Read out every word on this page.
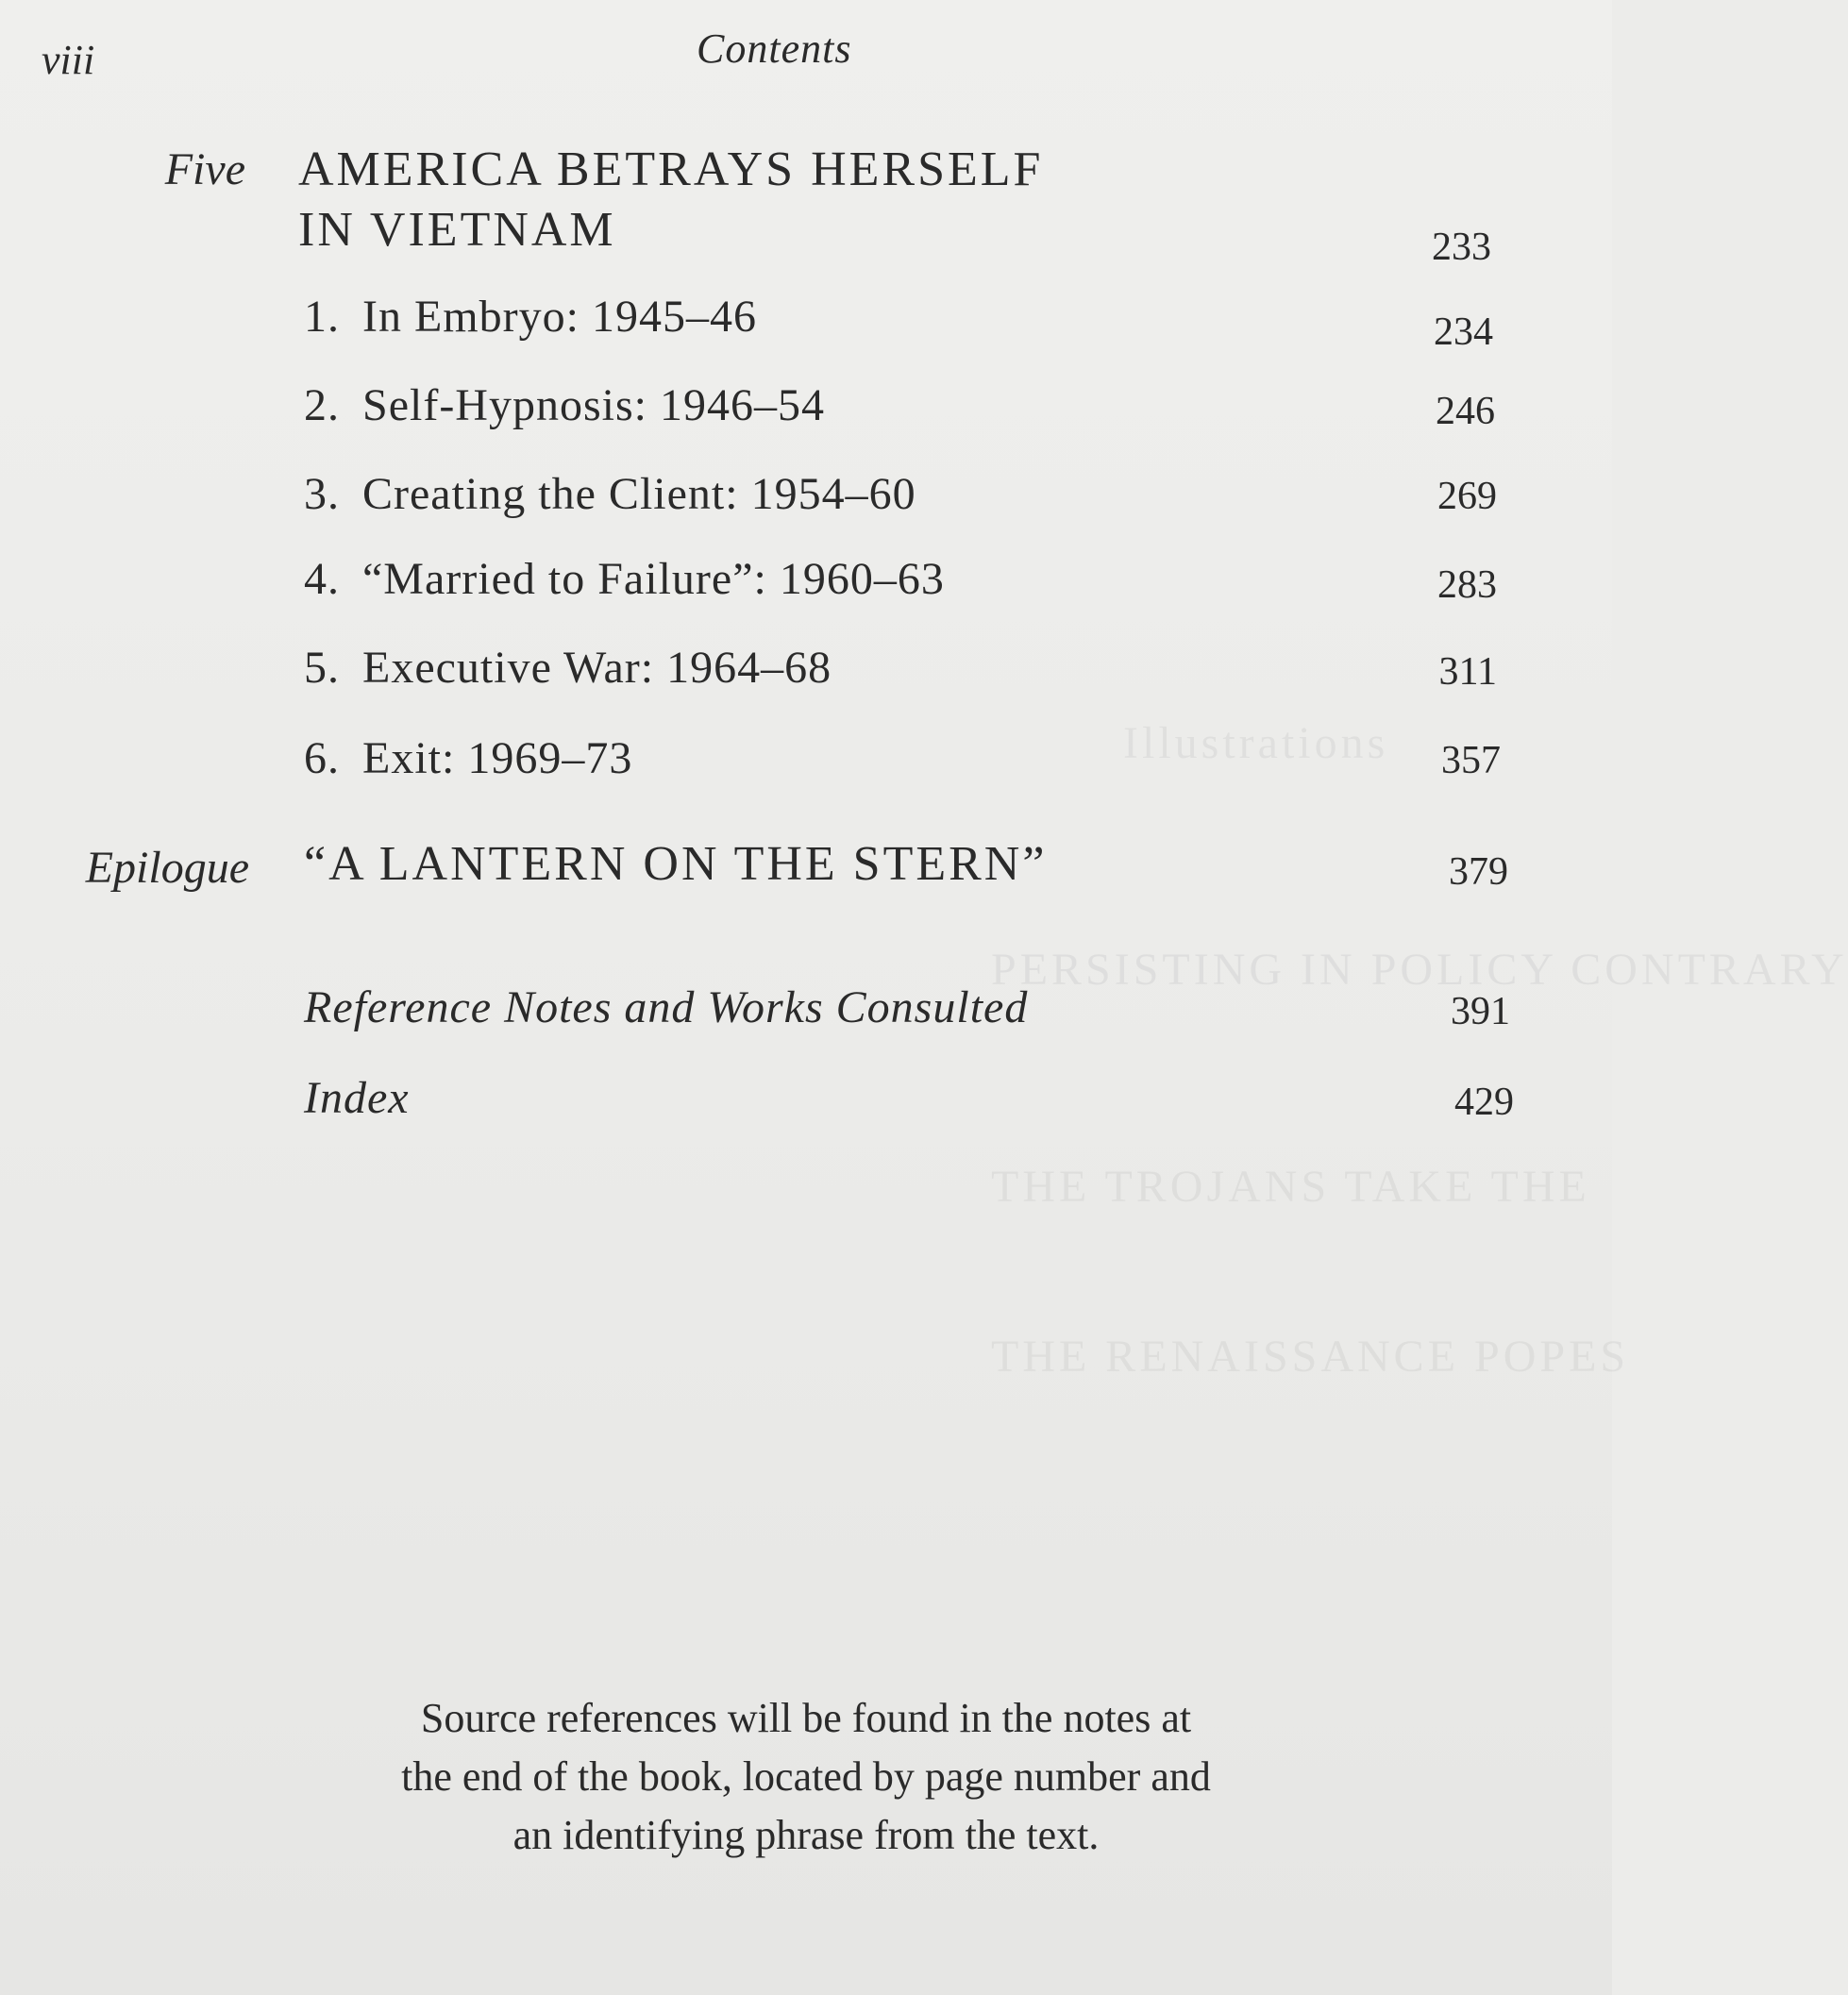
Illustrations
PERSISTING IN POLICY CONTRARY
THE TROJANS TAKE THE
THE RENAISSANCE POPES
viii	Contents
Five AMERICA BETRAYS HERSELF
IN VIETNAM	233
1. In Embryo: 1945–46	234
2. Self-Hypnosis: 1946–54	246
3. Creating the Client: 1954–60	269
4. “Married to Failure”: 1960–63	283
5. Executive War: 1964–68	311
6. Exit: 1969–73	357
Epilogue “A LANTERN ON THE STERN”	379
Reference Notes and Works Consulted	391
Index	429
Source references will be found in the notes at
the end of the book, located by page number and
an identifying phrase from the text.
